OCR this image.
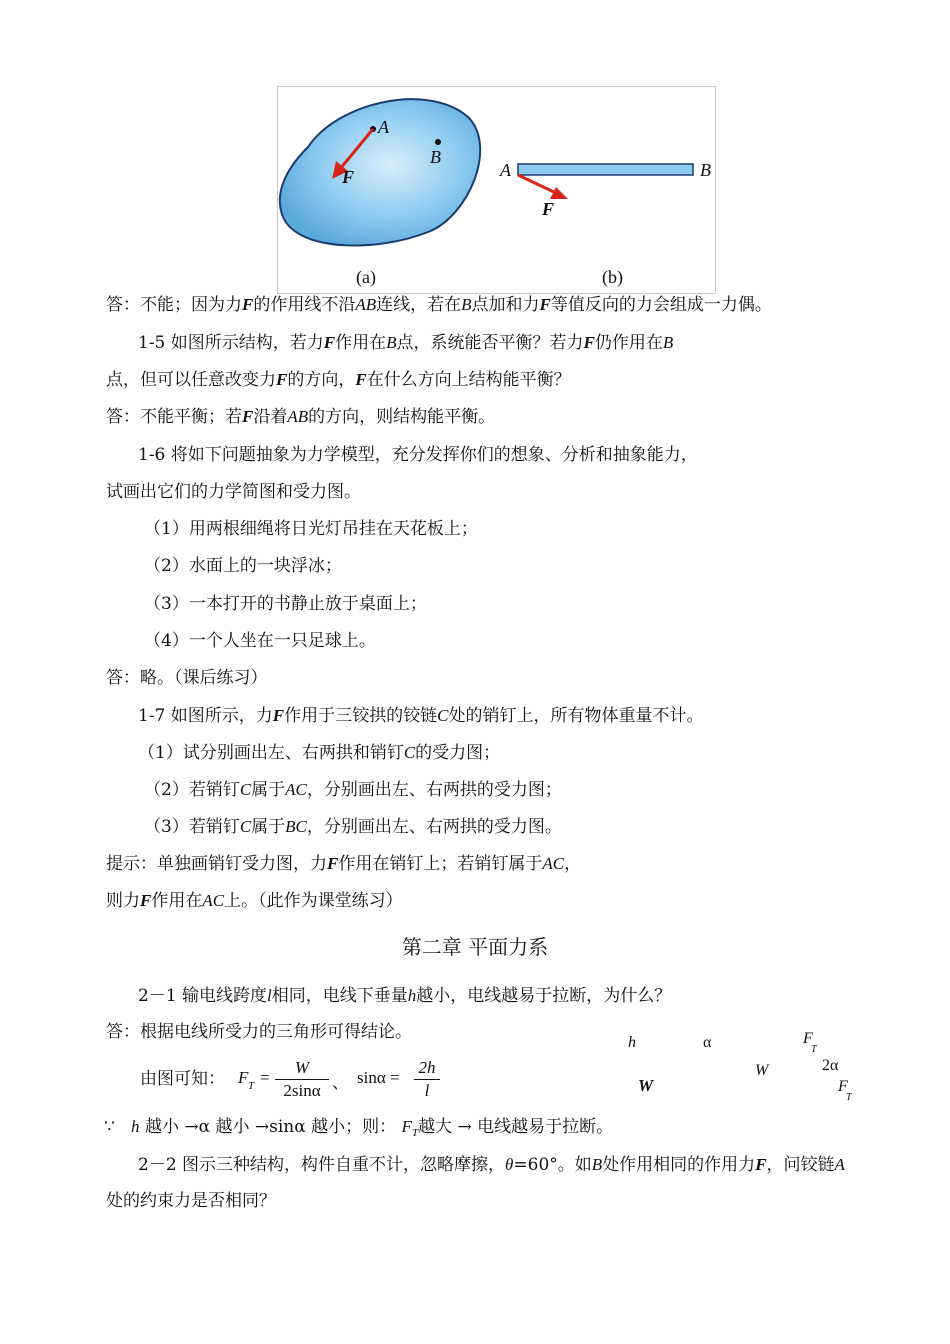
A
B
F
(a)
A	B
F
(b)
答：不能；因为力F的作用线不沿AB连线，若在B点加和力F等值反向的力会组成一力偶。
1-5 如图所示结构，若力F作用在B点，系统能否平衡？若力F仍作用在B
点，但可以任意改变力F的方向，F在什么方向上结构能平衡？
答：不能平衡；若F沿着AB的方向，则结构能平衡。
1-6 将如下问题抽象为力学模型，充分发挥你们的想象、分析和抽象能力，
试画出它们的力学简图和受力图。
（1）用两根细绳将日光灯吊挂在天花板上；
（2）水面上的一块浮冰；
（3）一本打开的书静止放于桌面上；
（4）一个人坐在一只足球上。
答：略。（课后练习）
1-7 如图所示，力F作用于三铰拱的铰链C处的销钉上，所有物体重量不计。
（1）试分别画出左、右两拱和销钉C的受力图；
（2）若销钉C属于AC，分别画出左、右两拱的受力图；
（3）若销钉C属于BC，分别画出左、右两拱的受力图。
提示：单独画销钉受力图，力F作用在销钉上；若销钉属于AC，
则力F作用在AC上。（此作为课堂练习）
第二章 平面力系
2－1 输电线跨度l相同，电线下垂量h越小，电线越易于拉断，为什么？
答：根据电线所受力的三角形可得结论。
由图可知： F T =
W
2sinα 、 sinα =
2h
l
h	α	F
T
2α
W
W	F
T
∵ h 越小 →α 越小 →sinα 越小；则： $F_T$越大 → 电线越易于拉断。
2－2 图示三种结构，构件自重不计，忽略摩擦，θ=60°。如B处作用相同的作用力F，问铰链A
处的约束力是否相同？
